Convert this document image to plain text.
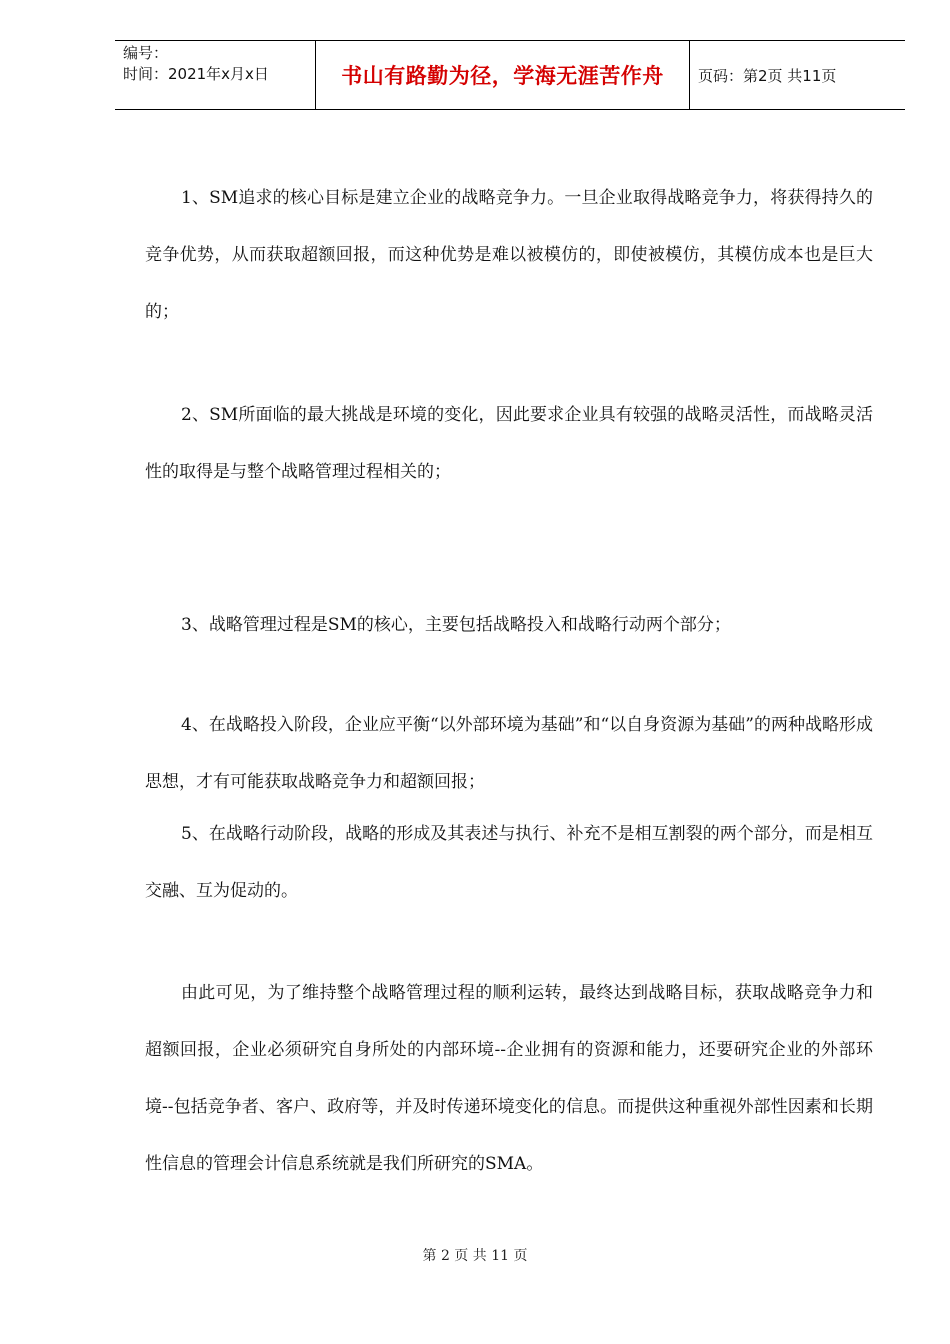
编号：
时间：2021年x月x日	书山有路勤为径，学海无涯苦作舟	页码：第2页 共11页

1、SM追求的核心目标是建立企业的战略竞争力。一旦企业取得战略竞争力，将获得持久的竞争优势，从而获取超额回报，而这种优势是难以被模仿的，即使被模仿，其模仿成本也是巨大的；

2、SM所面临的最大挑战是环境的变化，因此要求企业具有较强的战略灵活性，而战略灵活性的取得是与整个战略管理过程相关的；

3、战略管理过程是SM的核心，主要包括战略投入和战略行动两个部分；

4、在战略投入阶段，企业应平衡“以外部环境为基础”和“以自身资源为基础”的两种战略形成思想，才有可能获取战略竞争力和超额回报；

5、在战略行动阶段，战略的形成及其表述与执行、补充不是相互割裂的两个部分，而是相互交融、互为促动的。

由此可见，为了维持整个战略管理过程的顺利运转，最终达到战略目标，获取战略竞争力和超额回报，企业必须研究自身所处的内部环境--企业拥有的资源和能力，还要研究企业的外部环境--包括竞争者、客户、政府等，并及时传递环境变化的信息。而提供这种重视外部性因素和长期性信息的管理会计信息系统就是我们所研究的SMA。

第 2 页 共 11 页
